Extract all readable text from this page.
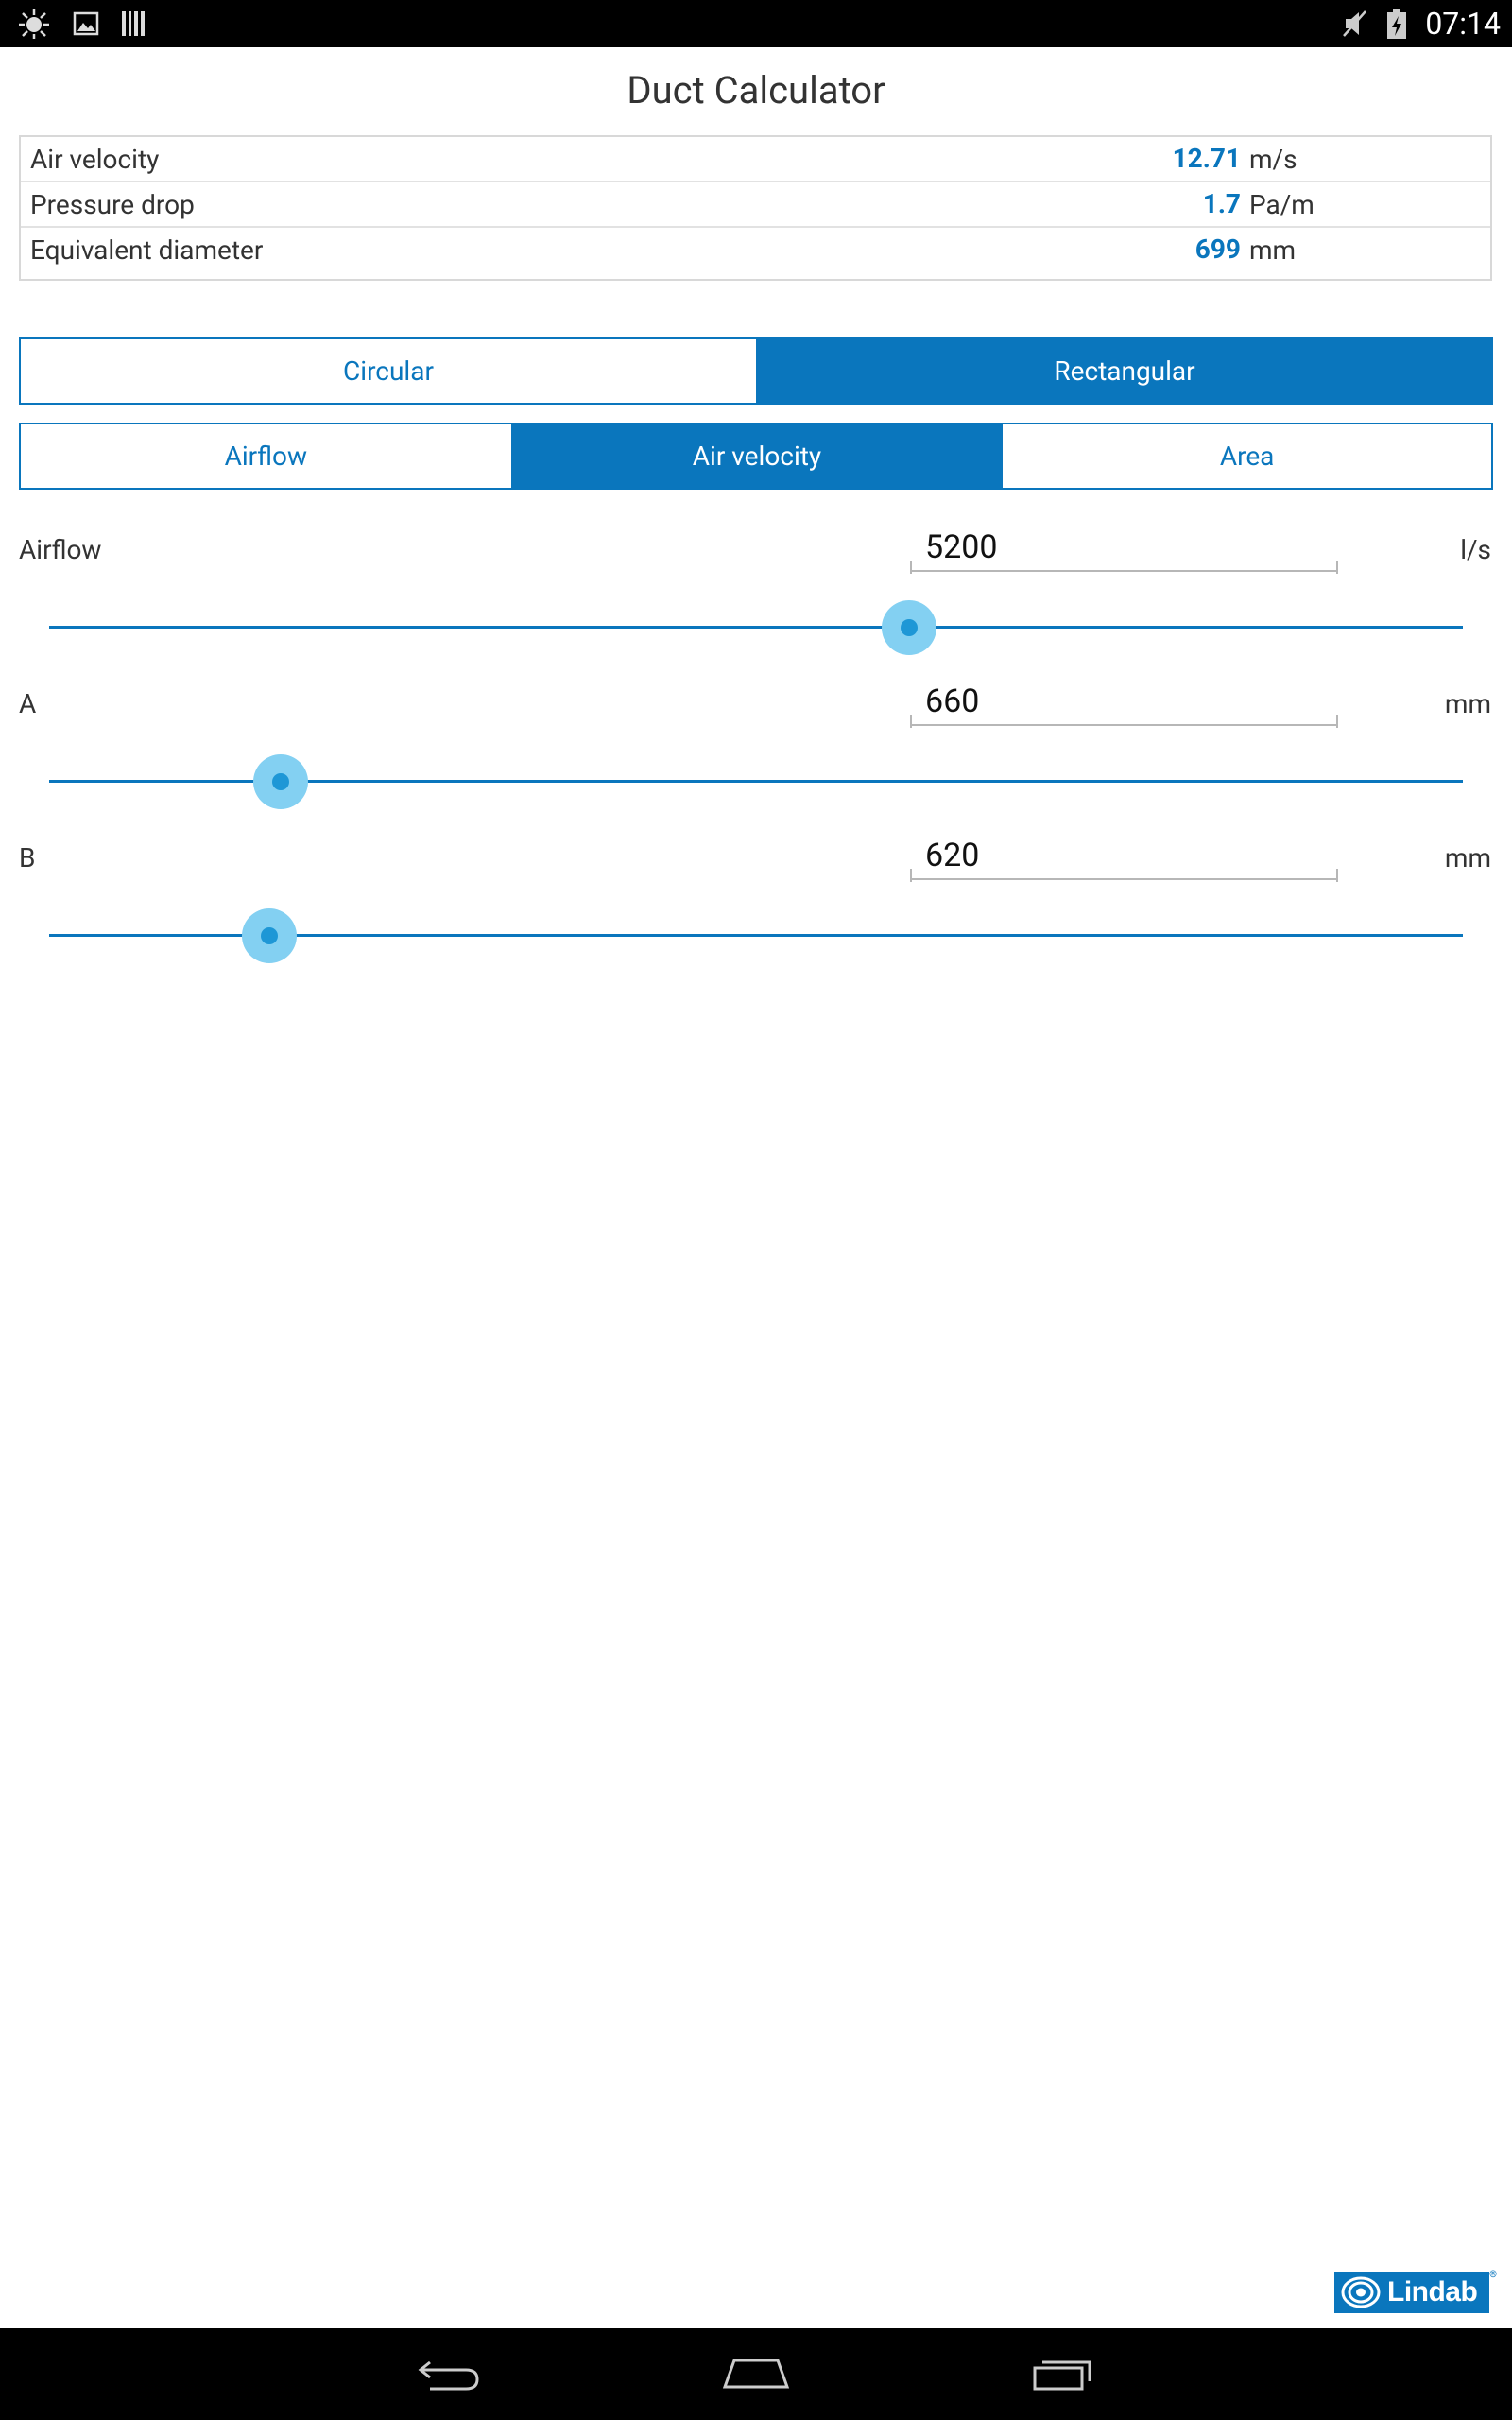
07:14
Duct Calculator
Air velocity	12.71 m/s
Pressure drop	1.7 Pa/m
Equivalent diameter	699 mm
Circular	Rectangular
Airflow	Air velocity	Area
Airflow
5200	l/s
A
660	mm
B
620	mm
Lindab
®
